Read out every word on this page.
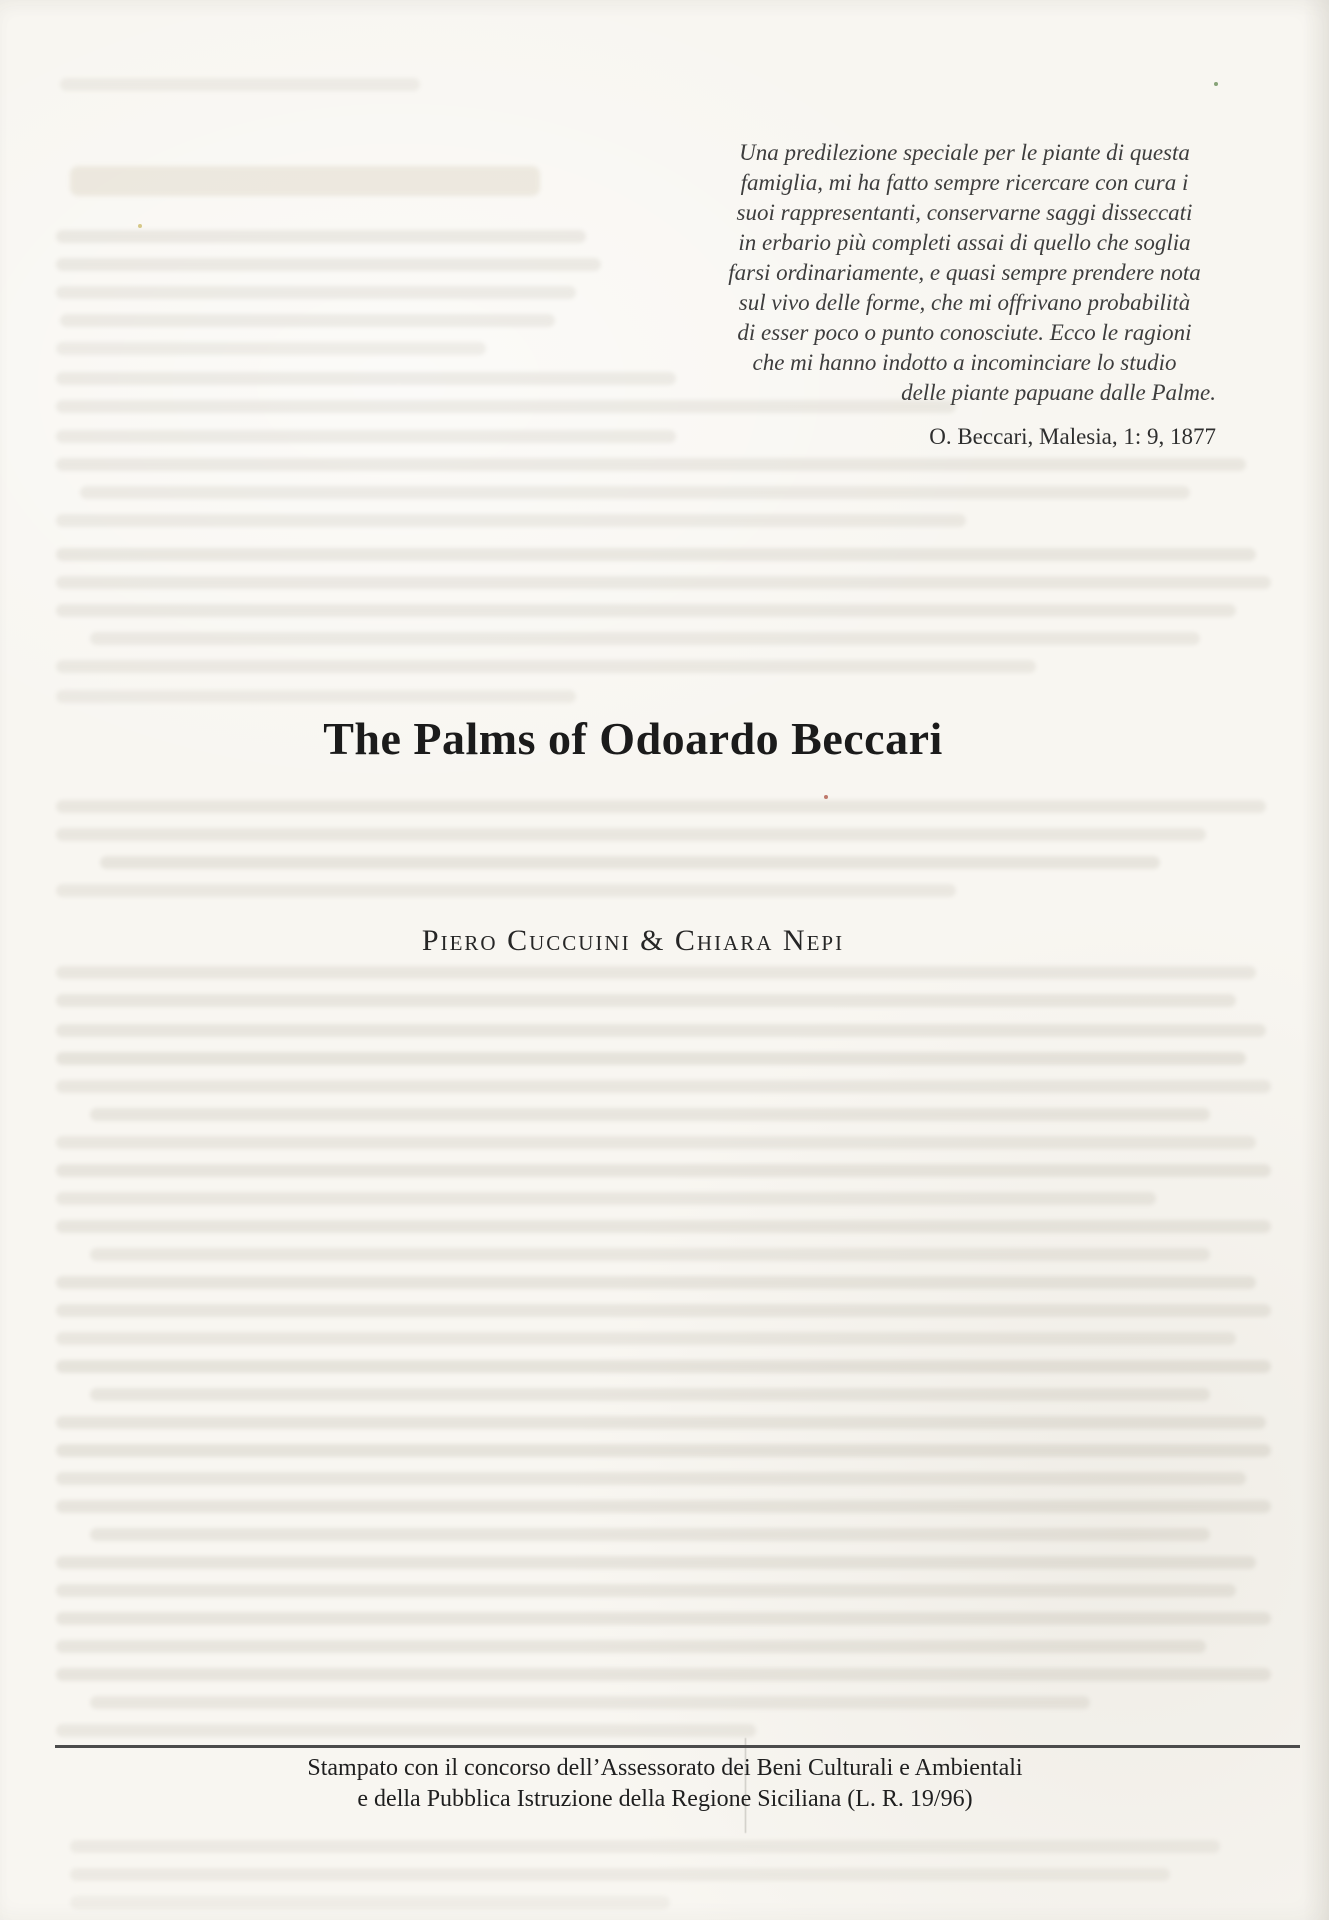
Una predilezione speciale per le piante di questa
famiglia, mi ha fatto sempre ricercare con cura i
suoi rappresentanti, conservarne saggi disseccati
in erbario più completi assai di quello che soglia
farsi ordinariamente, e quasi sempre prendere nota
sul vivo delle forme, che mi offrivano probabilità
di esser poco o punto conosciute. Ecco le ragioni
che mi hanno indotto a incominciare lo studio
delle piante papuane dalle Palme.
O. Beccari, Malesia, 1: 9, 1877
The Palms of Odoardo Beccari
Piero Cuccuini & Chiara Nepi
Stampato con il concorso dell’Assessorato dei Beni Culturali e Ambientali
e della Pubblica Istruzione della Regione Siciliana (L. R. 19/96)
